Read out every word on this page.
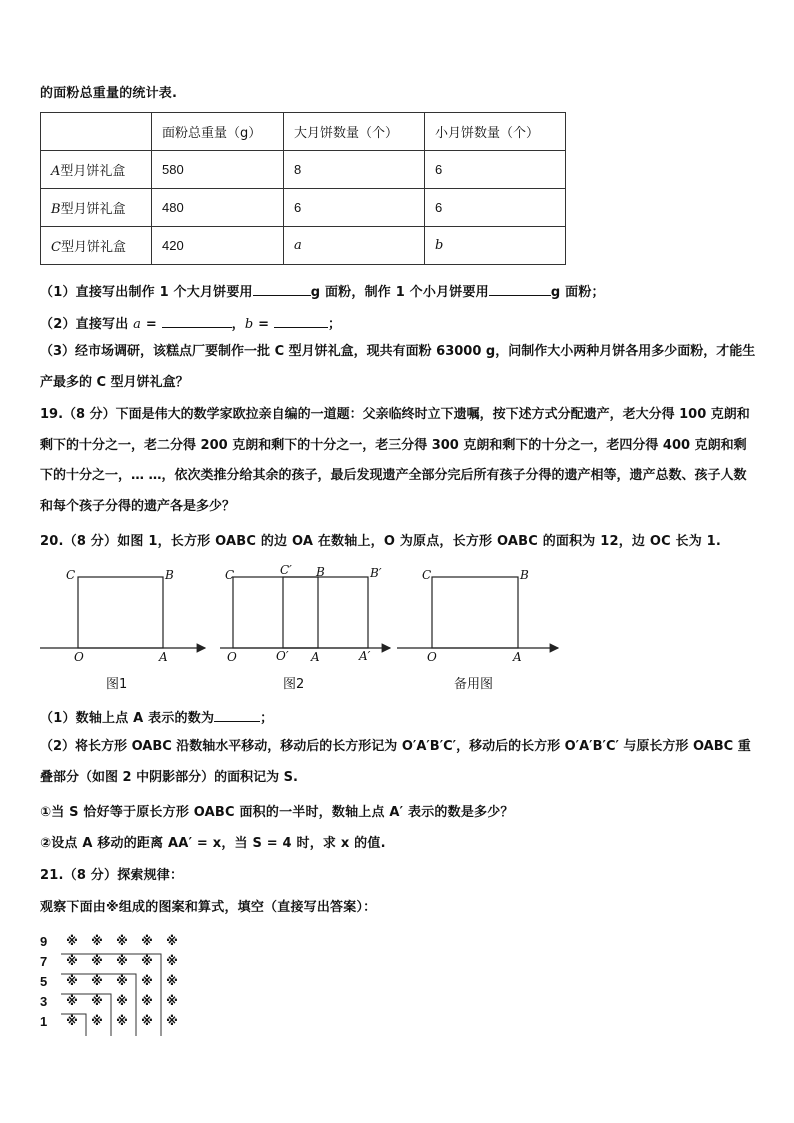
的面粉总重量的统计表.
	面粉总重量（g）	大月饼数量（个）	小月饼数量（个）
A型月饼礼盒	580	8	6
B型月饼礼盒	480	6	6
C型月饼礼盒	420	a	b
（1）直接写出制作 1 个大月饼要用	g 面粉，制作 1 个小月饼要用	g 面粉；
（2）直接写出 a =	，b =	；
（3）经市场调研，该糕点厂要制作一批 C 型月饼礼盒，现共有面粉 63000 g，问制作大小两种月饼各用多少面粉，才能生产最多的 C 型月饼礼盒？
19.（8 分）下面是伟大的数学家欧拉亲自编的一道题：父亲临终时立下遗嘱，按下述方式分配遗产，老大分得 100 克朗和剩下的十分之一，老二分得 200 克朗和剩下的十分之一，老三分得 300 克朗和剩下的十分之一，老四分得 400 克朗和剩下的十分之一，… …，依次类推分给其余的孩子，最后发现遗产全部分完后所有孩子分得的遗产相等，遗产总数、孩子人数和每个孩子分得的遗产各是多少？
20.（8 分）如图 1，长方形 OABC 的边 OA 在数轴上，O 为原点，长方形 OABC 的面积为 12，边 OC 长为 1.
C	B
O	A
C	C′ B	B′
O	O′ A	A′
C	B
O	A
图1	图2	备用图
（1）数轴上点 A 表示的数为	；
（2）将长方形 OABC 沿数轴水平移动，移动后的长方形记为 O′A′B′C′，移动后的长方形 O′A′B′C′ 与原长方形 OABC 重叠部分（如图 2 中阴影部分）的面积记为 S.
①当 S 恰好等于原长方形 OABC 面积的一半时，数轴上点 A′ 表示的数是多少？
②设点 A 移动的距离 AA′ = x，当 S = 4 时，求 x 的值.
21.（8 分）探索规律：
观察下面由※组成的图案和算式，填空（直接写出答案）：
9	※	※	※	※	※
7	※	※	※	※	※
5	※	※	※	※	※
3	※	※	※	※	※
1	※	※	※	※	※
